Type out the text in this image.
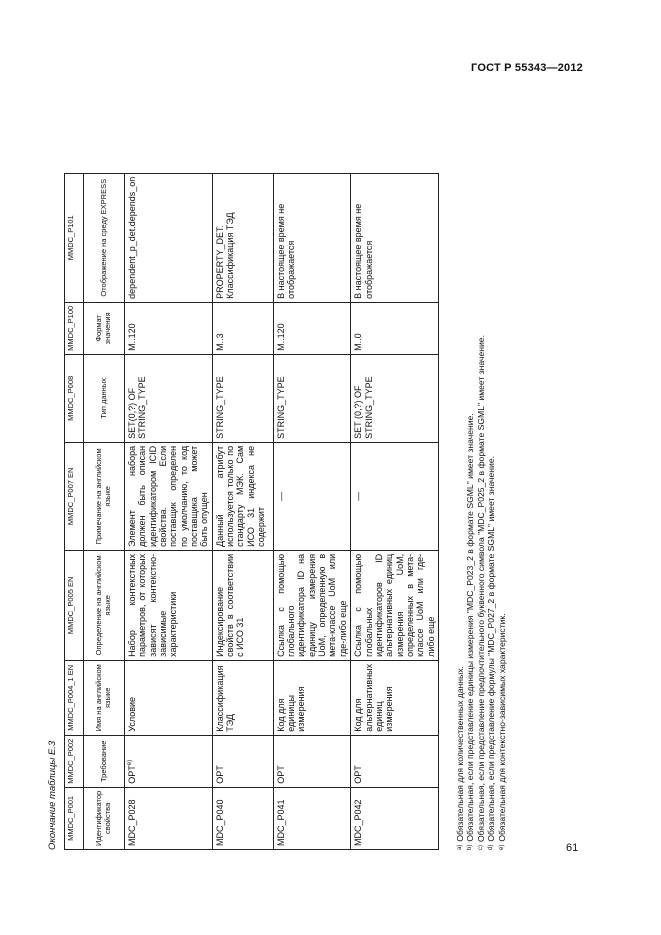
ГОСТ Р 55343—2012
Окончание таблицы Е.3 MMDC_P001	MMDC_P002	MMDC_P004_1 EN	MMDC_P005 EN	MMDC_P007 EN	MMDC_P008	MMDC_P100	MMDC_P101
Идентификатор свойства	Требование	Имя на английском языке	Определение на английском языке	Примечание на английском языке	Тип данных	Формат значения	Отображение на среду EXPRESS
MDC_P028	OPT$^{e)}$	Условие	Набор контекстных параметров, от которых зависят контекстно-зависимые характеристики	Элемент набора должен быть описан идентификатором ICID свойства. Если поставщик определен по умолчанию, то код поставщика может быть опущен	SET(0,?) OF STRING_TYPE	M..120	dependent_p_det.depends_on
MDC_P040	OPT	Классификация ТЭД	Индексирование свойств в соответствии с ИСО 31	Данный атрибут используется только по стандарту МЭК. Сам ИСО 31 индекса не содержит	STRING_TYPE	M..3	PROPERTY_DET. Классификация ТЭД
MDC_P041	OPT	Код для единицы измерения	Ссылка с помощью глобального идентификатора ID на единицу измерения UoM, определенную в мета-классе UoM или где-либо еще	—	STRING_TYPE	M..120	В настоящее время не отображается
MDC_P042	OPT	Код для альтернативных единиц измерения	Ссылка с помощью глобальных идентификаторов ID альтернативных единиц измерения UoM, определенных в мета-классе UoM или где-либо еще	—	SET (0,?) OF STRING_TYPE	M..0	В настоящее время не отображается
$^{a)}$Обязательная для количественных данных.
$^{b)}$Обязательная, если представление единицы измерения "MDC_P023_2 в формате SGML" имеет значение.
$^{c)}$Обязательная, если представление предпочтительного буквенного символа "MDC_P025_2 в формате SGML" имеет значение.
$^{d)}$Обязательная, если представление формулы "MDC_P027_2 в формате SGML" имеет значение.
$^{e)}$Обязательная для контекстно-зависимых характеристик.
61
